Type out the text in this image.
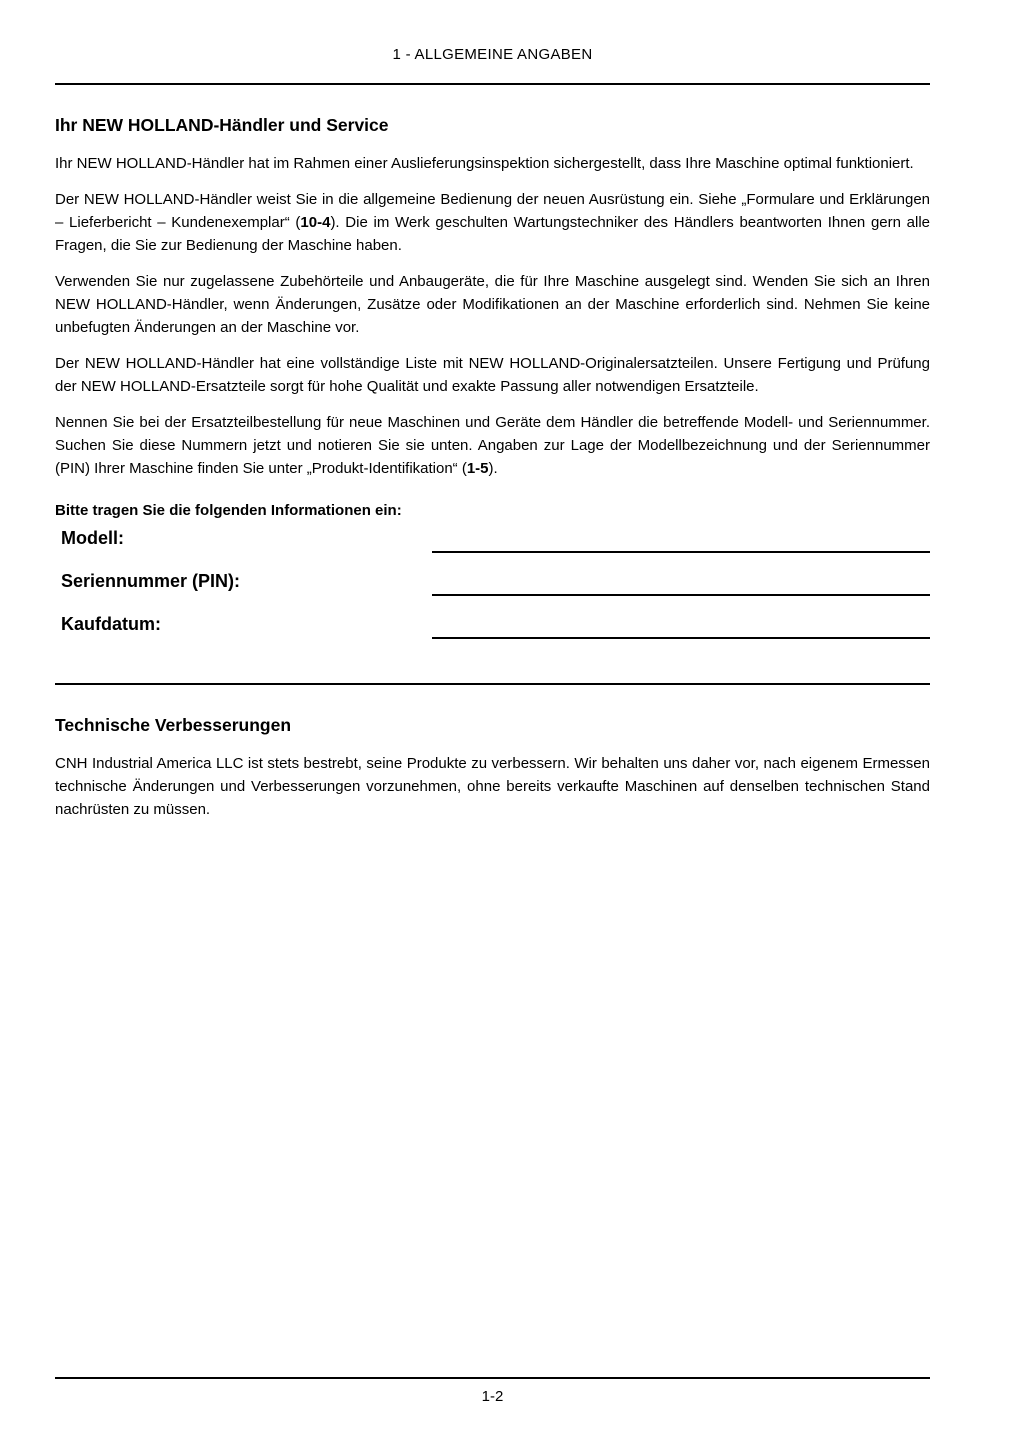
1 - ALLGEMEINE ANGABEN
Ihr NEW HOLLAND-Händler und Service

Ihr NEW HOLLAND-Händler hat im Rahmen einer Auslieferungsinspektion sichergestellt, dass Ihre Maschine optimal funktioniert.

Der NEW HOLLAND-Händler weist Sie in die allgemeine Bedienung der neuen Ausrüstung ein. Siehe „Formulare und Erklärungen – Lieferbericht – Kundenexemplar“ (10-4). Die im Werk geschulten Wartungstechniker des Händlers beantworten Ihnen gern alle Fragen, die Sie zur Bedienung der Maschine haben.

Verwenden Sie nur zugelassene Zubehörteile und Anbaugeräte, die für Ihre Maschine ausgelegt sind. Wenden Sie sich an Ihren NEW HOLLAND-Händler, wenn Änderungen, Zusätze oder Modifikationen an der Maschine erforderlich sind. Nehmen Sie keine unbefugten Änderungen an der Maschine vor.

Der NEW HOLLAND-Händler hat eine vollständige Liste mit NEW HOLLAND-Originalersatzteilen. Unsere Fertigung und Prüfung der NEW HOLLAND-Ersatzteile sorgt für hohe Qualität und exakte Passung aller notwendigen Ersatzteile.

Nennen Sie bei der Ersatzteilbestellung für neue Maschinen und Geräte dem Händler die betreffende Modell- und Seriennummer. Suchen Sie diese Nummern jetzt und notieren Sie sie unten. Angaben zur Lage der Modellbezeichnung und der Seriennummer (PIN) Ihrer Maschine finden Sie unter „Produkt-Identifikation“ (1-5).

Bitte tragen Sie die folgenden Informationen ein:
Modell:
Seriennummer (PIN):
Kaufdatum:
Technische Verbesserungen

CNH Industrial America LLC ist stets bestrebt, seine Produkte zu verbessern. Wir behalten uns daher vor, nach eigenem Ermessen technische Änderungen und Verbesserungen vorzunehmen, ohne bereits verkaufte Maschinen auf denselben technischen Stand nachrüsten zu müssen.

1-2
